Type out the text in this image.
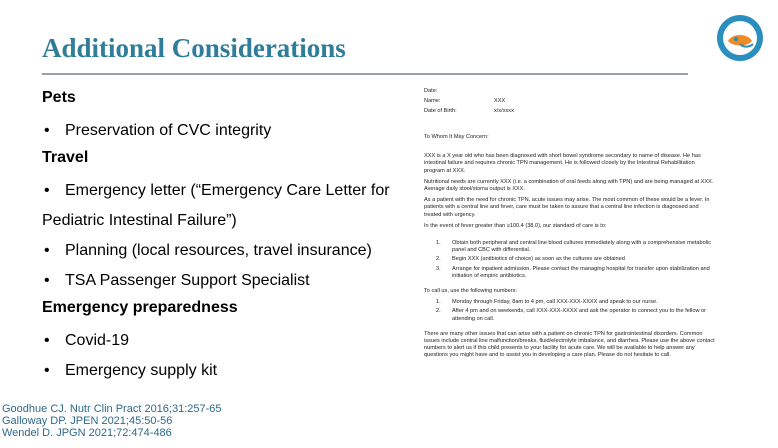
Additional Considerations
Pets
• Preservation of CVC integrity
Travel
• Emergency letter (“Emergency Care Letter for
Pediatric Intestinal Failure”)
• Planning (local resources, travel insurance)
• TSA Passenger Support Specialist
Emergency preparedness
• Covid-19
• Emergency supply kit
Goodhue CJ. Nutr Clin Pract 2016;31:257-65
Galloway DP. JPEN 2021;45:50-56
Wendel D. JPGN 2021;72:474-486
Date:
Name:	XXX
Date of Birth:	x/x/xxxx

To Whom It May Concern:

XXX is a X year old who has been diagnosed with short bowel syndrome secondary to name of disease. He has intestinal failure and requires chronic TPN management. He is followed closely by the Intestinal Rehabilitation program at XXX.

Nutritional needs are currently XXX (i.e. a combination of oral feeds along with TPN) and are being managed at XXX. Average daily stool/stoma output is XXX.

As a patient with the need for chronic TPN, acute issues may arise. The most common of these would be a fever. In patients with a central line and fever, care must be taken to assure that a central line infection is diagnosed and treated with urgency.

In the event of fever greater than ≥100.4 (38.0), our standard of care is to:

1.	Obtain both peripheral and central line blood cultures immediately along with a comprehensive metabolic panel and CBC with differential.
2.	Begin XXX (antibiotics of choice) as soon as the cultures are obtained
3.	Arrange for inpatient admission. Please contact the managing hospital for transfer upon stabilization and initiation of empiric antibiotics.

To call us, use the following numbers:

1.	Monday through Friday, 8am to 4 pm, call XXX-XXX-XXXX and speak to our nurse.
2.	After 4 pm and on weekends, call XXX-XXX-XXXX and ask the operator to connect you to the fellow or attending on call.

There are many other issues that can arise with a patient on chronic TPN for gastrointestinal disorders. Common issues include central line malfunction/breaks, fluid/electrolyte imbalance, and diarrhea. Please use the above contact numbers to alert us if this child presents to your facility for acute care. We will be available to help answer any questions you might have and to assist you in developing a care plan. Please do not hesitate to call.
